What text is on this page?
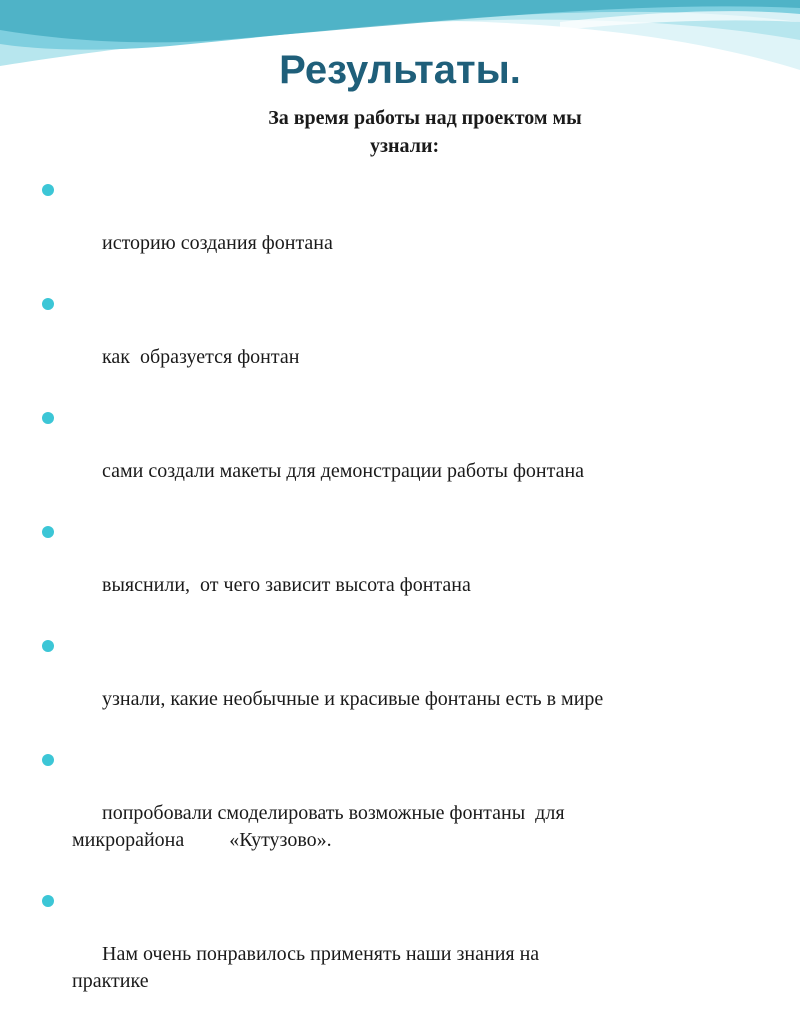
Результаты.

За время работы над проектом мы
узнали:

историю создания фонтана

как  образуется фонтан

сами создали макеты для демонстрации работы фонтана

выяснили,  от чего зависит высота фонтана

узнали, какие необычные и красивые фонтаны есть в мире

попробовали смоделировать возможные фонтаны  для
микрорайона         «Кутузово».

Нам очень понравилось применять наши знания на
практике
